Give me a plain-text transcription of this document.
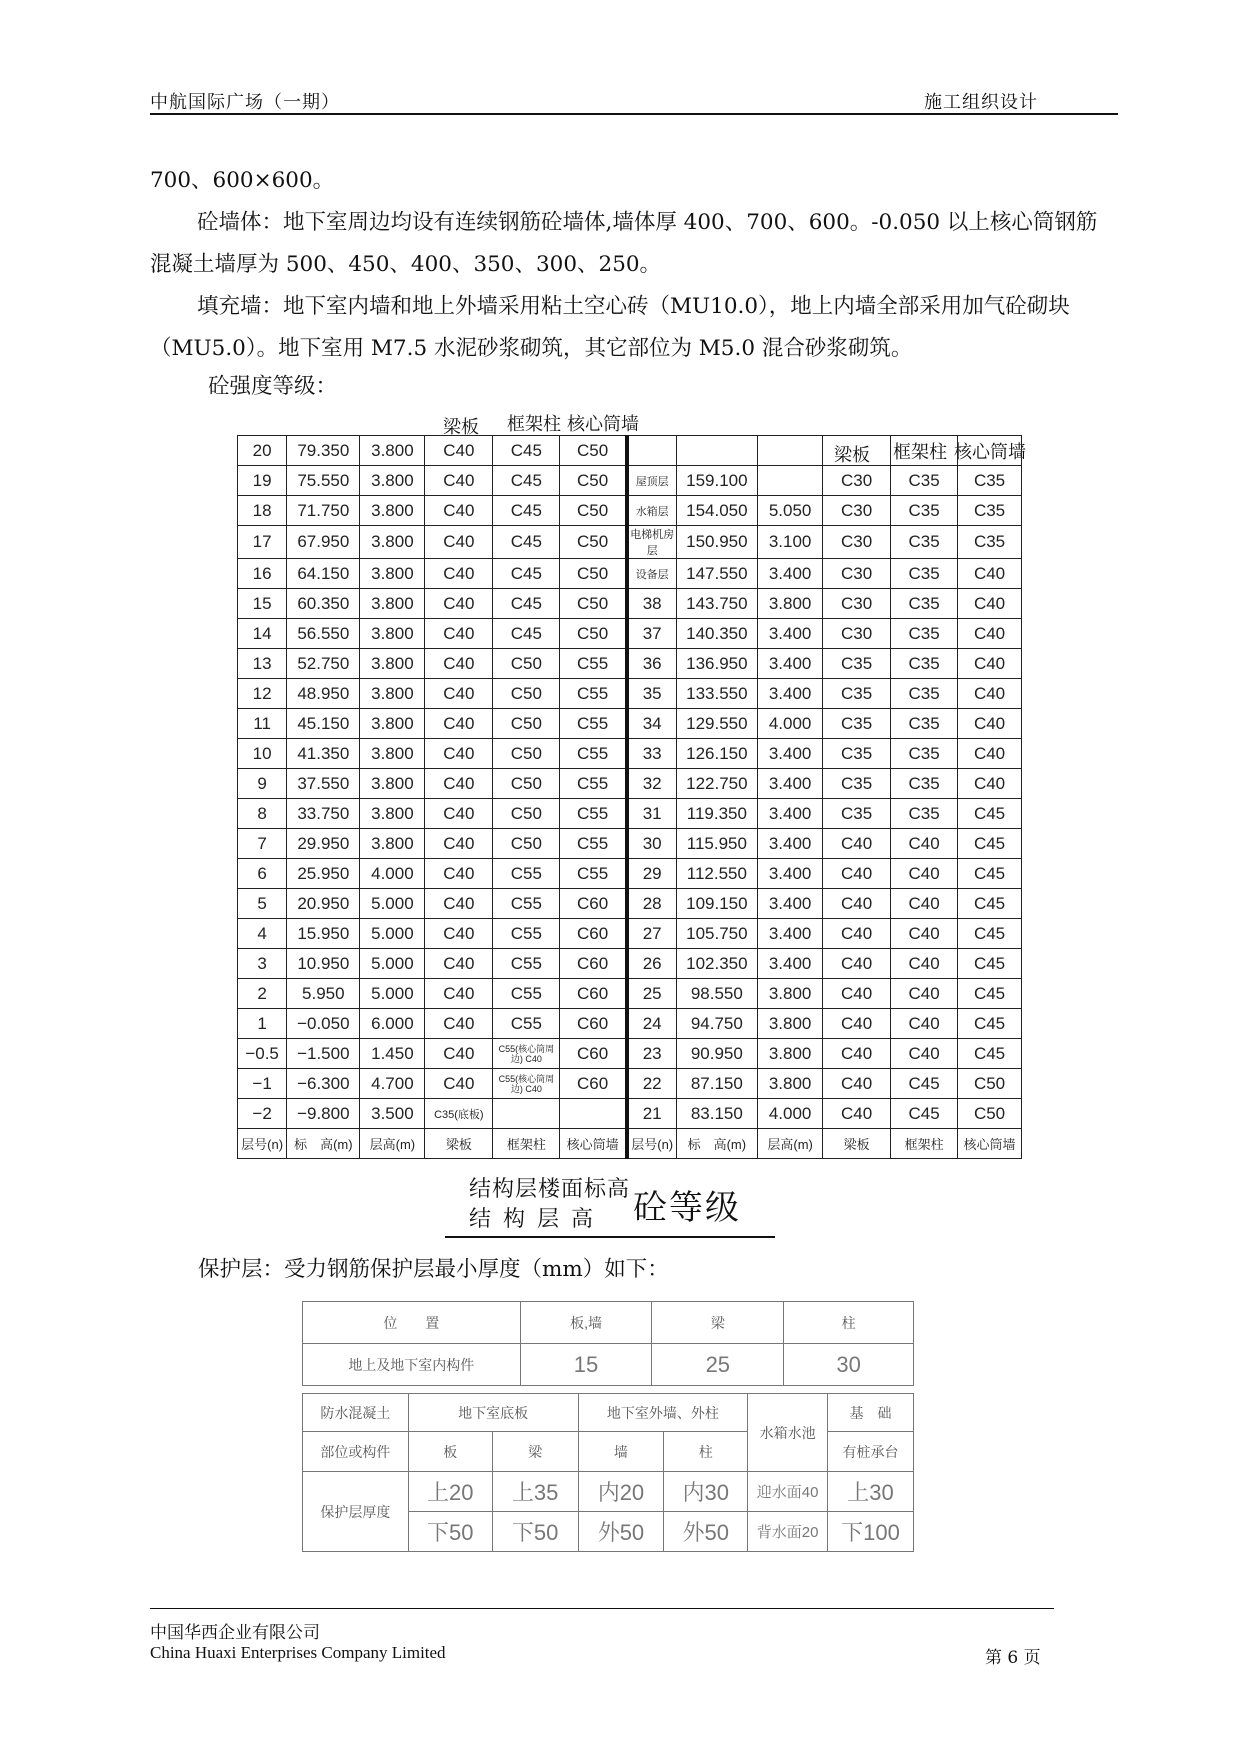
中航国际广场（一期）	施工组织设计
700、600×600。
砼墙体：地下室周边均设有连续钢筋砼墙体,墙体厚 400、700、600。-0.050 以上核心筒钢筋混凝土墙厚为 500、450、400、350、300、250。
填充墙：地下室内墙和地上外墙采用粘土空心砖（MU10.0），地上内墙全部采用加气砼砌块（MU5.0）。地下室用 M7.5 水泥砂浆砌筑，其它部位为 M5.0 混合砂浆砌筑。
砼强度等级：
梁板 框架柱 核心筒墙
梁板 框架柱 核心筒墙
20	79.350	3.800	C40	C45	C50						
19	75.550	3.800	C40	C45	C50	屋顶层	159.100		C30	C35	C35
18	71.750	3.800	C40	C45	C50	水箱层	154.050	5.050	C30	C35	C35
17	67.950	3.800	C40	C45	C50	电梯机房层	150.950	3.100	C30	C35	C35
16	64.150	3.800	C40	C45	C50	设备层	147.550	3.400	C30	C35	C40
15	60.350	3.800	C40	C45	C50	38	143.750	3.800	C30	C35	C40
14	56.550	3.800	C40	C45	C50	37	140.350	3.400	C30	C35	C40
13	52.750	3.800	C40	C50	C55	36	136.950	3.400	C35	C35	C40
12	48.950	3.800	C40	C50	C55	35	133.550	3.400	C35	C35	C40
11	45.150	3.800	C40	C50	C55	34	129.550	4.000	C35	C35	C40
10	41.350	3.800	C40	C50	C55	33	126.150	3.400	C35	C35	C40
9	37.550	3.800	C40	C50	C55	32	122.750	3.400	C35	C35	C40
8	33.750	3.800	C40	C50	C55	31	119.350	3.400	C35	C35	C45
7	29.950	3.800	C40	C50	C55	30	115.950	3.400	C40	C40	C45
6	25.950	4.000	C40	C55	C55	29	112.550	3.400	C40	C40	C45
5	20.950	5.000	C40	C55	C60	28	109.150	3.400	C40	C40	C45
4	15.950	5.000	C40	C55	C60	27	105.750	3.400	C40	C40	C45
3	10.950	5.000	C40	C55	C60	26	102.350	3.400	C40	C40	C45
2	5.950	5.000	C40	C55	C60	25	98.550	3.800	C40	C40	C45
1	−0.050	6.000	C40	C55	C60	24	94.750	3.800	C40	C40	C45
−0.5	−1.500	1.450	C40	C55(核心筒周边) C40	C60	23	90.950	3.800	C40	C40	C45
−1	−6.300	4.700	C40	C55(核心筒周边) C40	C60	22	87.150	3.800	C40	C45	C50
−2	−9.800	3.500	C35(底板)			21	83.150	4.000	C40	C45	C50
层号(n)	标　高(m)	层高(m)	梁板	框架柱	核心筒墙	层号(n)	标　高(m)	层高(m)	梁板	框架柱	核心筒墙
结构层楼面标高
结构层高 砼等级
保护层：受力钢筋保护层最小厚度（mm）如下：
位　　置	板,墙	梁	柱
地上及地下室内构件	15	25	30
防水混凝土	地下室底板		地下室外墙、外柱		水箱水池	基　础
部位或构件	板	梁	墙	柱		有桩承台
保护层厚度	上20	上35	内20	内30	迎水面40	上30
	下50	下50	外50	外50	背水面20	下100
中国华西企业有限公司
China Huaxi Enterprises Company Limited	第 6 页
